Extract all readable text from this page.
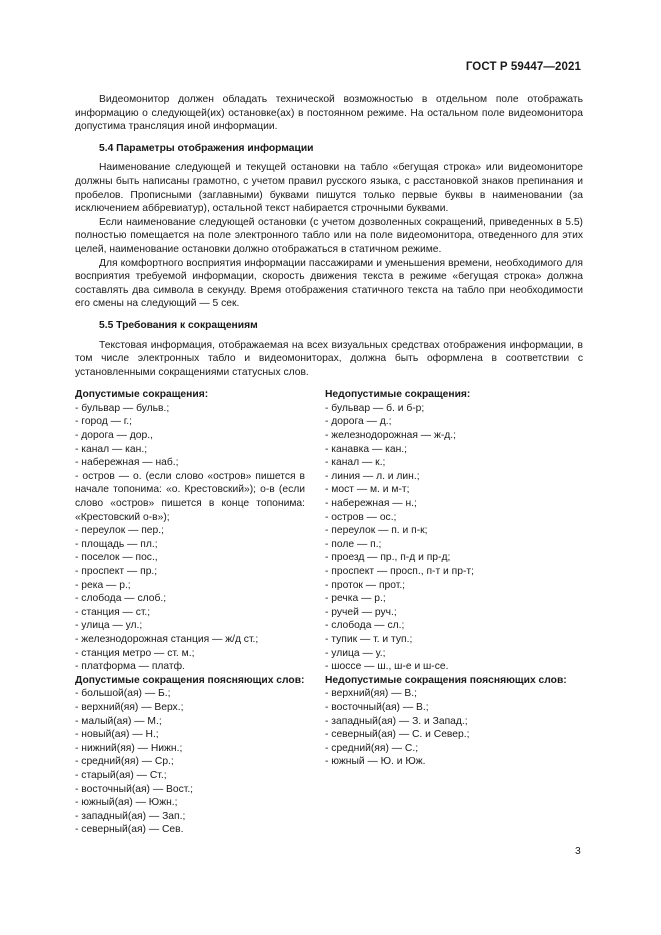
ГОСТ Р 59447—2021

Видеомонитор должен обладать технической возможностью в отдельном поле отображать информацию о следующей(их) остановке(ах) в постоянном режиме. На остальном поле видеомонитора допустима трансляция иной информации.

5.4 Параметры отображения информации

Наименование следующей и текущей остановки на табло «бегущая строка» или видеомониторе должны быть написаны грамотно, с учетом правил русского языка, с расстановкой знаков препинания и пробелов. Прописными (заглавными) буквами пишутся только первые буквы в наименовании (за исключением аббревиатур), остальной текст набирается строчными буквами.

Если наименование следующей остановки (с учетом дозволенных сокращений, приведенных в 5.5) полностью помещается на поле электронного табло или на поле видеомонитора, отведенного для этих целей, наименование остановки должно отображаться в статичном режиме.

Для комфортного восприятия информации пассажирами и уменьшения времени, необходимого для восприятия требуемой информации, скорость движения текста в режиме «бегущая строка» должна составлять два символа в секунду. Время отображения статичного текста на табло при необходимости его смены на следующий — 5 сек.

5.5 Требования к сокращениям

Текстовая информация, отображаемая на всех визуальных средствах отображения информации, в том числе электронных табло и видеомониторах, должна быть оформлена в соответствии с установленными сокращениями статусных слов.

Допустимые сокращения:
- бульвар — бульв.;
- город — г.;
- дорога — дор.,
- канал — кан.;
- набережная — наб.;
- остров — о. (если слово «остров» пишется в начале топонима: «о. Крестовский»); о-в (если слово «остров» пишется в конце топонима: «Крестовский о-в»);
- переулок — пер.;
- площадь — пл.;
- поселок — пос.,
- проспект — пр.;
- река — р.;
- слобода — слоб.;
- станция — ст.;
- улица — ул.;
- железнодорожная станция — ж/д ст.;
- станция метро — ст. м.;
- платформа — платф.
Допустимые сокращения поясняющих слов:
- большой(ая) — Б.;
- верхний(яя) — Верх.;
- малый(ая) — М.;
- новый(ая) — Н.;
- нижний(яя) — Нижн.;
- средний(яя) — Ср.;
- старый(ая) — Ст.;
- восточный(ая) — Вост.;
- южный(ая) — Южн.;
- западный(ая) — Зап.;
- северный(ая) — Сев.
Недопустимые сокращения:
- бульвар — б. и б-р;
- дорога — д.;
- железнодорожная — ж-д.;
- канавка — кан.;
- канал — к.;
- линия — л. и лин.;
- мост — м. и м-т;
- набережная — н.;
- остров — ос.;
- переулок — п. и п-к;
- поле — п.;
- проезд — пр., п-д и пр-д;
- проспект — просп., п-т и пр-т;
- проток — прот.;
- речка — р.;
- ручей — руч.;
- слобода — сл.;
- тупик — т. и туп.;
- улица — у.;
- шоссе — ш., ш-е и ш-се.
Недопустимые сокращения поясняющих слов:
- верхний(яя) — В.;
- восточный(ая) — В.;
- западный(ая) — З. и Запад.;
- северный(ая) — С. и Север.;
- средний(яя) — С.;
- южный — Ю. и Юж.
3
